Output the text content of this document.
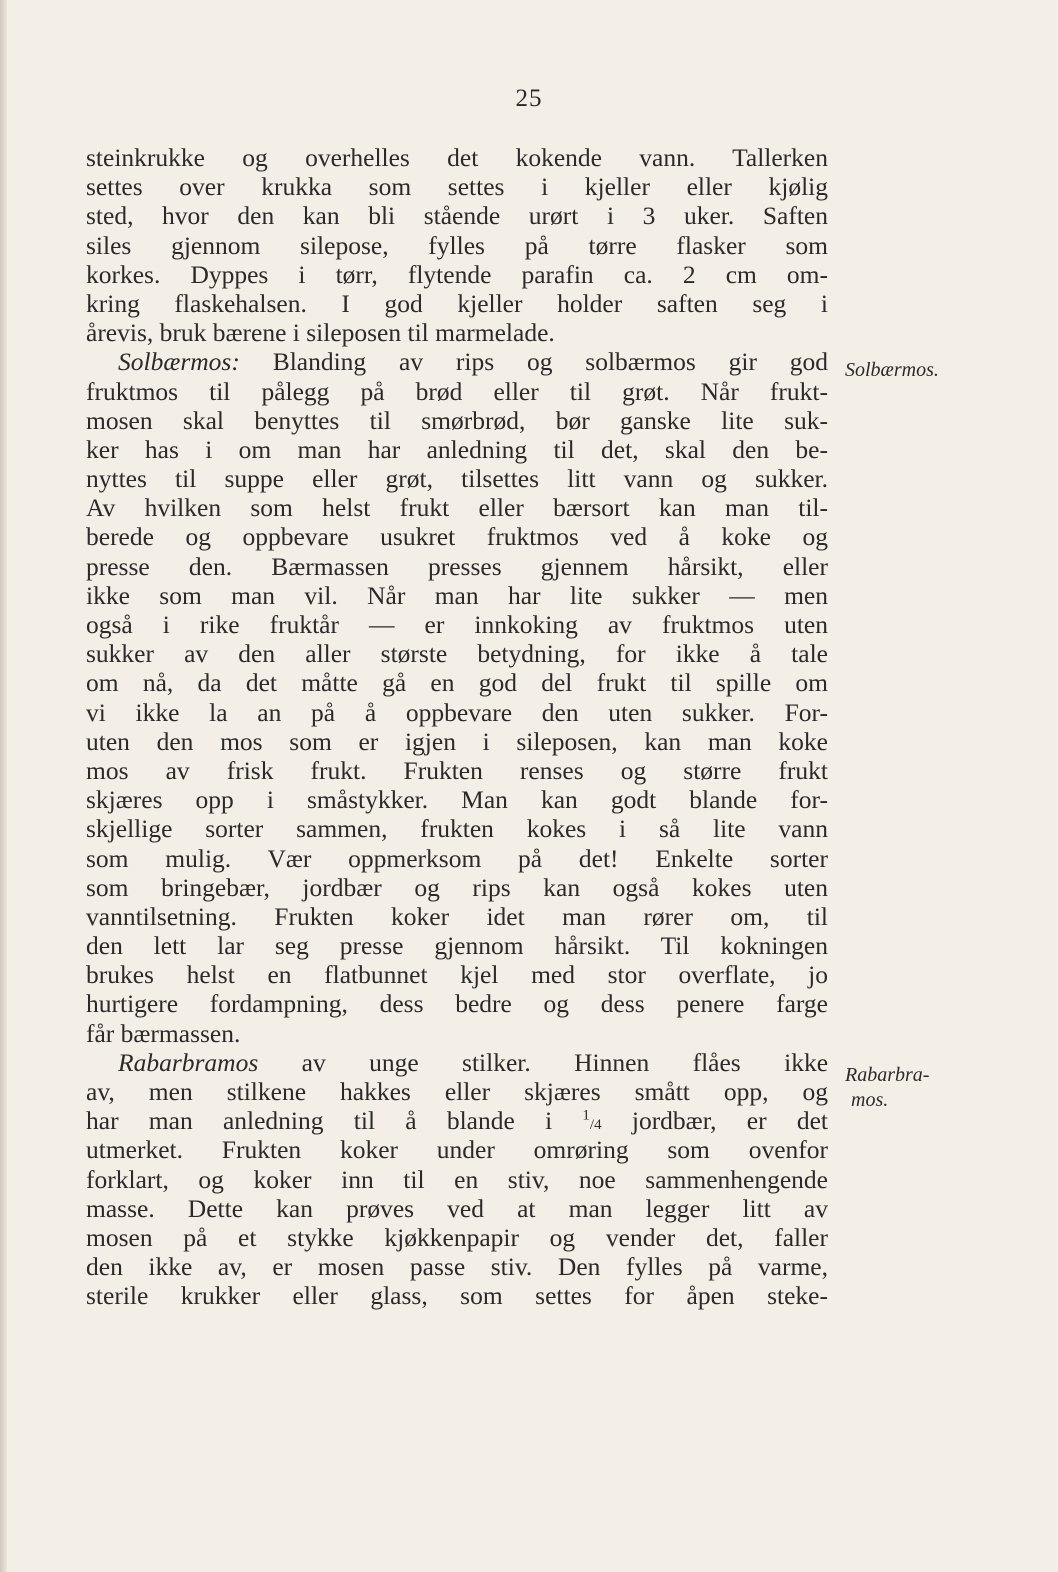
25
steinkrukke og overhelles det kokende vann. Tallerken
settes over krukka som settes i kjeller eller kjølig
sted, hvor den kan bli stående urørt i 3 uker. Saften
siles gjennom silepose, fylles på tørre flasker som
korkes. Dyppes i tørr, flytende parafin ca. 2 cm om-
kring flaskehalsen. I god kjeller holder saften seg i
årevis, bruk bærene i sileposen til marmelade.
Solbærmos: Blanding av rips og solbærmos gir god
fruktmos til pålegg på brød eller til grøt. Når frukt-
mosen skal benyttes til smørbrød, bør ganske lite suk-
ker has i om man har anledning til det, skal den be-
nyttes til suppe eller grøt, tilsettes litt vann og sukker.
Av hvilken som helst frukt eller bærsort kan man til-
berede og oppbevare usukret fruktmos ved å koke og
presse den. Bærmassen presses gjennem hårsikt, eller
ikke som man vil. Når man har lite sukker — men
også i rike fruktår — er innkoking av fruktmos uten
sukker av den aller største betydning, for ikke å tale
om nå, da det måtte gå en god del frukt til spille om
vi ikke la an på å oppbevare den uten sukker. For-
uten den mos som er igjen i sileposen, kan man koke
mos av frisk frukt. Frukten renses og større frukt
skjæres opp i småstykker. Man kan godt blande for-
skjellige sorter sammen, frukten kokes i så lite vann
som mulig. Vær oppmerksom på det! Enkelte sorter
som bringebær, jordbær og rips kan også kokes uten
vanntilsetning. Frukten koker idet man rører om, til
den lett lar seg presse gjennom hårsikt. Til kokningen
brukes helst en flatbunnet kjel med stor overflate, jo
hurtigere fordampning, dess bedre og dess penere farge
får bærmassen.
Rabarbramos av unge stilker. Hinnen flåes ikke
av, men stilkene hakkes eller skjæres smått opp, og
har man anledning til å blande i $^1$/4 jordbær, er det
utmerket. Frukten koker under omrøring som ovenfor
forklart, og koker inn til en stiv, noe sammenhengende
masse. Dette kan prøves ved at man legger litt av
mosen på et stykke kjøkkenpapir og vender det, faller
den ikke av, er mosen passe stiv. Den fylles på varme,
sterile krukker eller glass, som settes for åpen steke-
Solbærmos.
Rabarbra-
mos.
